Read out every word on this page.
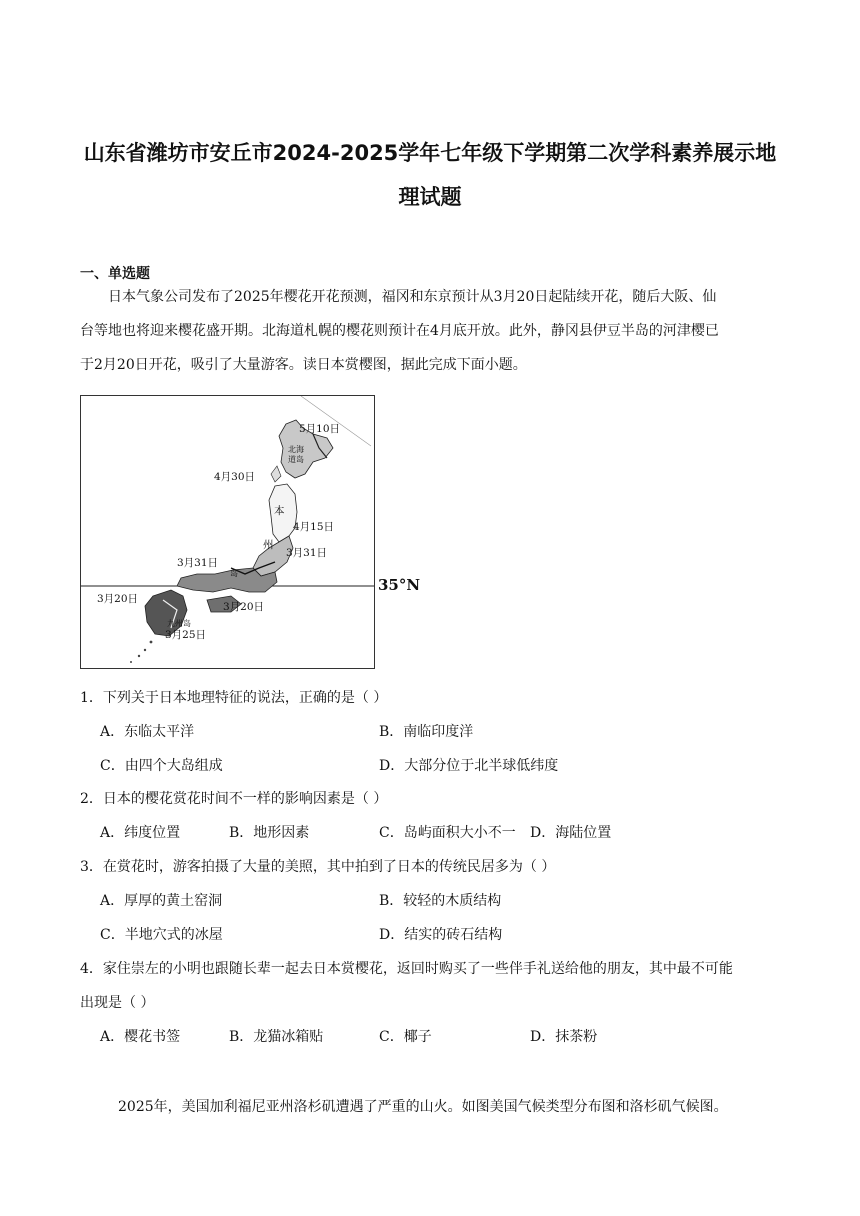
山东省潍坊市安丘市2024-2025学年七年级下学期第二次学科素养展示地
理试题
一、单选题
日本气象公司发布了2025年樱花开花预测，福冈和东京预计从3月20日起陆续开花，随后大阪、仙
台等地也将迎来樱花盛开期。北海道札幌的樱花则预计在4月底开放。此外，静冈县伊豆半岛的河津樱已
于2月20日开花，吸引了大量游客。读日本赏樱图，据此完成下面小题。
5月10日
北海
道岛
4月30日
本
4月15日
州
3月31日
3月31日
岛
3月20日
3月20日
九州岛
3月25日
35°N
1．下列关于日本地理特征的说法，正确的是（ ）
A．东临太平洋	B．南临印度洋
C．由四个大岛组成	D．大部分位于北半球低纬度
2．日本的樱花赏花时间不一样的影响因素是（ ）
A．纬度位置	B．地形因素	C．岛屿面积大小不一 D．海陆位置
3．在赏花时，游客拍摄了大量的美照，其中拍到了日本的传统民居多为（ ）
A．厚厚的黄土窑洞	B．较轻的木质结构
C．半地穴式的冰屋	D．结实的砖石结构
4．家住崇左的小明也跟随长辈一起去日本赏樱花，返回时购买了一些伴手礼送给他的朋友，其中最不可能
出现是（ ）
A．樱花书签	B．龙猫冰箱贴	C．椰子	D．抹茶粉
2025年，美国加利福尼亚州洛杉矶遭遇了严重的山火。如图美国气候类型分布图和洛杉矶气候图。
